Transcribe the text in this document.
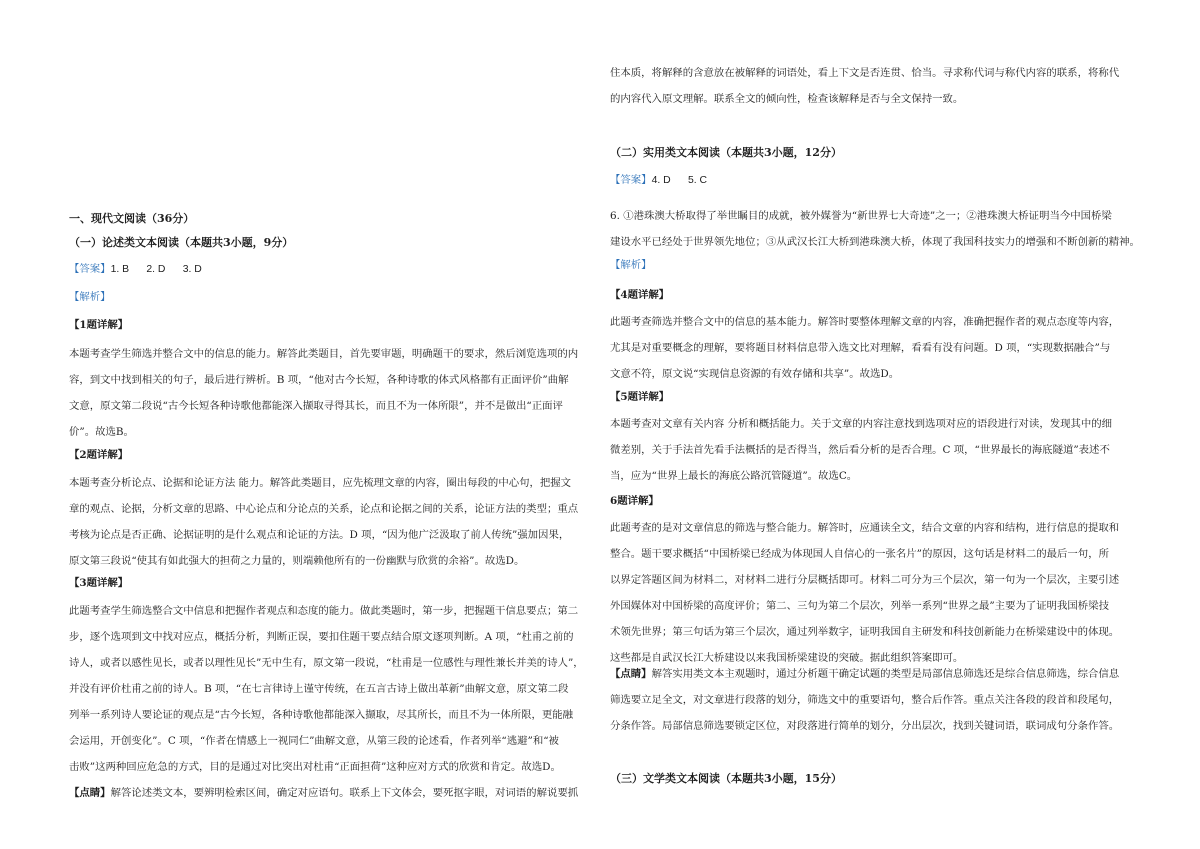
一、现代文阅读（36分）

（一）论述类文本阅读（本题共3小题，9分）

【答案】1. B      2. D      3. D

【解析】

【1题详解】

本题考查学生筛选并整合文中的信息的能力。解答此类题目，首先要审题，明确题干的要求，然后浏览选项的内

容，到文中找到相关的句子，最后进行辨析。B 项，“他对古今长短，各种诗歌的体式风格都有正面评价”曲解

文意，原文第二段说“古今长短各种诗歌他都能深入撷取寻得其长，而且不为一体所限”，并不是做出“正面评

价”。故选B。

【2题详解】

本题考查分析论点、论据和论证方法 能力。解答此类题目，应先梳理文章的内容，圈出每段的中心句，把握文

章的观点、论据，分析文章的思路、中心论点和分论点的关系，论点和论据之间的关系，论证方法的类型；重点

考核为论点是否正确、论据证明的是什么观点和论证的方法。D 项，“因为他广泛汲取了前人传统”强加因果，

原文第三段说“使其有如此强大的担荷之力量的，则端赖他所有的一份幽默与欣赏的余裕”。故选D。

【3题详解】

此题考查学生筛选整合文中信息和把握作者观点和态度的能力。做此类题时，第一步，把握题干信息要点；第二

步，逐个选项到文中找对应点，概括分析，判断正误，要扣住题干要点结合原文逐项判断。A 项，“杜甫之前的

诗人，或者以感性见长，或者以理性见长”无中生有，原文第一段说，“杜甫是一位感性与理性兼长并美的诗人”，

并没有评价杜甫之前的诗人。B 项，“在七言律诗上谨守传统，在五言古诗上做出革新”曲解文意，原文第二段

列举一系列诗人要论证的观点是“古今长短，各种诗歌他都能深入撷取，尽其所长，而且不为一体所限，更能融

会运用，开创变化”。C 项，“作者在情感上一视同仁”曲解文意，从第三段的论述看，作者列举“逃避”和“被

击败”这两种回应危急的方式，目的是通过对比突出对杜甫“正面担荷”这种应对方式的欣赏和肯定。故选D。

【点睛】解答论述类文本，要辨明检索区间，确定对应语句。联系上下文体会，要死抠字眼，对词语的解说要抓

住本质，将解释的含意放在被解释的词语处，看上下文是否连贯、恰当。寻求称代词与称代内容的联系，将称代

的内容代入原文理解。联系全文的倾向性，检查该解释是否与全文保持一致。

（二）实用类文本阅读（本题共3小题，12分）

【答案】4. D      5. C

6. ①港珠澳大桥取得了举世瞩目的成就，被外媒誉为“新世界七大奇迹”之一；②港珠澳大桥证明当今中国桥梁

建设水平已经处于世界领先地位；③从武汉长江大桥到港珠澳大桥，体现了我国科技实力的增强和不断创新的精神。

【解析】

【4题详解】

此题考查筛选并整合文中的信息的基本能力。解答时要整体理解文章的内容，准确把握作者的观点态度等内容，

尤其是对重要概念的理解，要将题目材料信息带入选文比对理解，看看有没有问题。D 项，“实现数据融合”与

文意不符，原文说“实现信息资源的有效存储和共享”。故选D。

【5题详解】

本题考查对文章有关内容 分析和概括能力。关于文章的内容注意找到选项对应的语段进行对读，发现其中的细

微差别，关于手法首先看手法概括的是否得当，然后看分析的是否合理。C 项，“世界最长的海底隧道”表述不

当，应为“世界上最长的海底公路沉管隧道”。故选C。

6题详解】

此题考查的是对文章信息的筛选与整合能力。解答时，应通读全文，结合文章的内容和结构，进行信息的提取和

整合。题干要求概括“中国桥梁已经成为体现国人自信心的一张名片”的原因，这句话是材料二的最后一句，所

以界定答题区间为材料二，对材料二进行分层概括即可。材料二可分为三个层次，第一句为一个层次，主要引述

外国媒体对中国桥梁的高度评价；第二、三句为第二个层次，列举一系列“世界之最”主要为了证明我国桥梁技

术领先世界；第三句话为第三个层次，通过列举数字，证明我国自主研发和科技创新能力在桥梁建设中的体现。

这些都是自武汉长江大桥建设以来我国桥梁建设的突破。据此组织答案即可。

【点睛】解答实用类文本主观题时，通过分析题干确定试题的类型是局部信息筛选还是综合信息筛选，综合信息

筛选要立足全文，对文章进行段落的划分，筛选文中的重要语句，整合后作答。重点关注各段的段首和段尾句，

分条作答。局部信息筛选要锁定区位，对段落进行简单的划分，分出层次，找到关键词语，联词成句分条作答。

（三）文学类文本阅读（本题共3小题，15分）
